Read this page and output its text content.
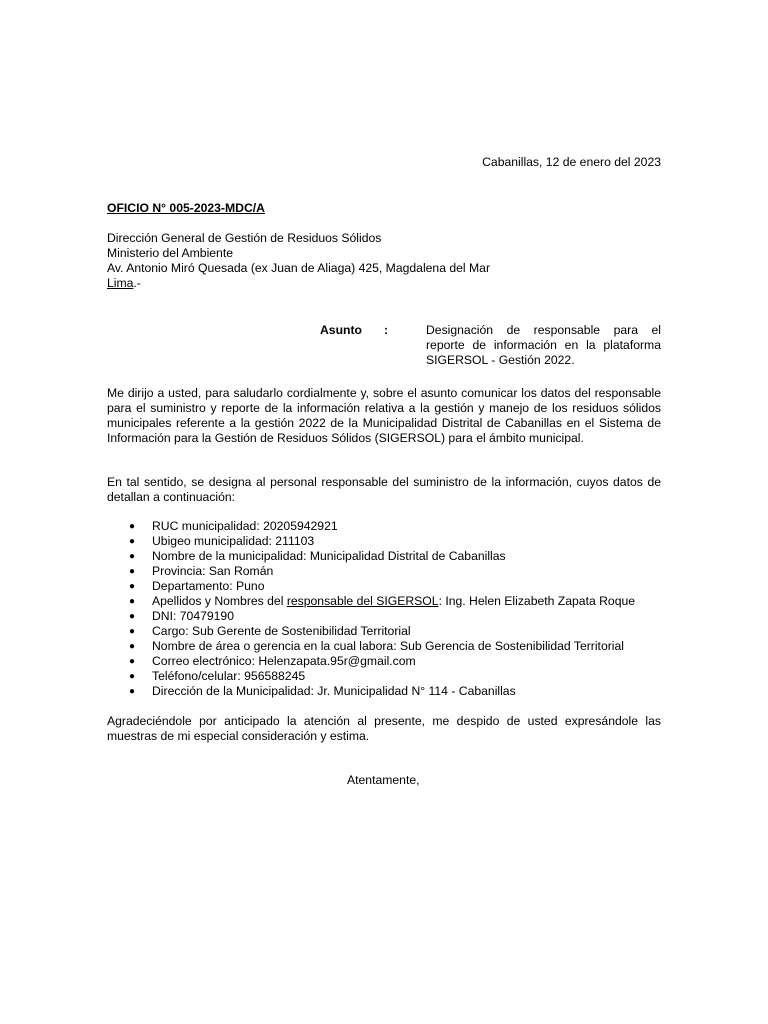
Cabanillas, 12 de enero del 2023
OFICIO N° 005-2023-MDC/A
Dirección General de Gestión de Residuos Sólidos
Ministerio del Ambiente
Av. Antonio Miró Quesada (ex Juan de Aliaga) 425, Magdalena del Mar
Lima.-
Asunto :	Designación de responsable para el reporte de información en la plataforma SIGERSOL - Gestión 2022.
Me dirijo a usted, para saludarlo cordialmente y, sobre el asunto comunicar los datos del responsable para el suministro y reporte de la información relativa a la gestión y manejo de los residuos sólidos municipales referente a la gestión 2022 de la Municipalidad Distrital de Cabanillas en el Sistema de Información para la Gestión de Residuos Sólidos (SIGERSOL) para el ámbito municipal.
En tal sentido, se designa al personal responsable del suministro de la información, cuyos datos de detallan a continuación:
● RUC municipalidad: 20205942921
● Ubigeo municipalidad: 211103
● Nombre de la municipalidad: Municipalidad Distrital de Cabanillas
● Provincia: San Román
● Departamento: Puno
● Apellidos y Nombres del responsable del SIGERSOL: Ing. Helen Elizabeth Zapata Roque
● DNI: 70479190
● Cargo: Sub Gerente de Sostenibilidad Territorial
● Nombre de área o gerencia en la cual labora: Sub Gerencia de Sostenibilidad Territorial
● Correo electrónico: Helenzapata.95r@gmail.com
● Teléfono/celular: 956588245
● Dirección de la Municipalidad: Jr. Municipalidad N° 114 - Cabanillas
Agradeciéndole por anticipado la atención al presente, me despido de usted expresándole las muestras de mi especial consideración y estima.
Atentamente,
